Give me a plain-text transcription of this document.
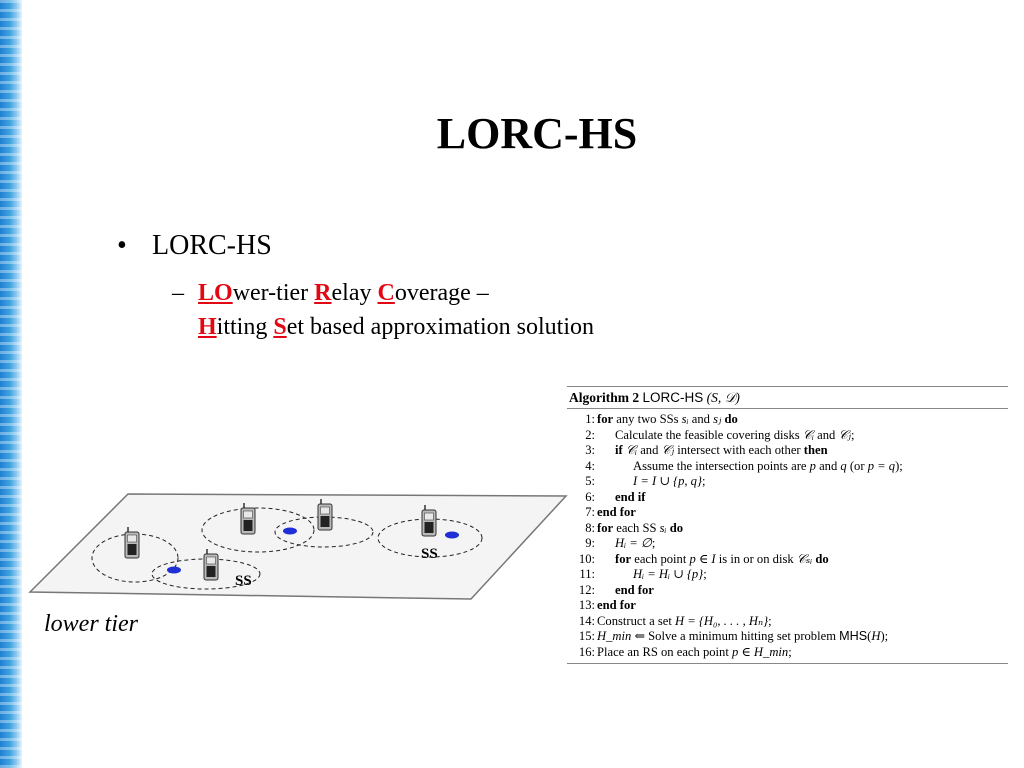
LORC-HS
• LORC-HS
– LOwer-tier Relay Coverage –
Hitting Set based approximation solution
Algorithm 2 LORC-HS (S, 𝒟)
1: for any two SSs sᵢ and sⱼ do
2: Calculate the feasible covering disks 𝒞ᵢ and 𝒞ⱼ;
3: if 𝒞ᵢ and 𝒞ⱼ intersect with each other then
4:	Assume the intersection points are p and q (or p = q);
5:	I = I ∪ {p, q};
6: end if
7: end for
8: for each SS sᵢ do
9: Hᵢ = ∅;
10: for each point p ∈ I is in or on disk 𝒞ₛᵢ do
11:	Hᵢ = Hᵢ ∪ {p};
12: end for
13: end for
14: Construct a set H = {H₀, . . . , Hₙ};
15: H_min ⇐ Solve a minimum hitting set problem MHS(H);
16: Place an RS on each point p ∈ H_min;
SS
SS
lower tier
